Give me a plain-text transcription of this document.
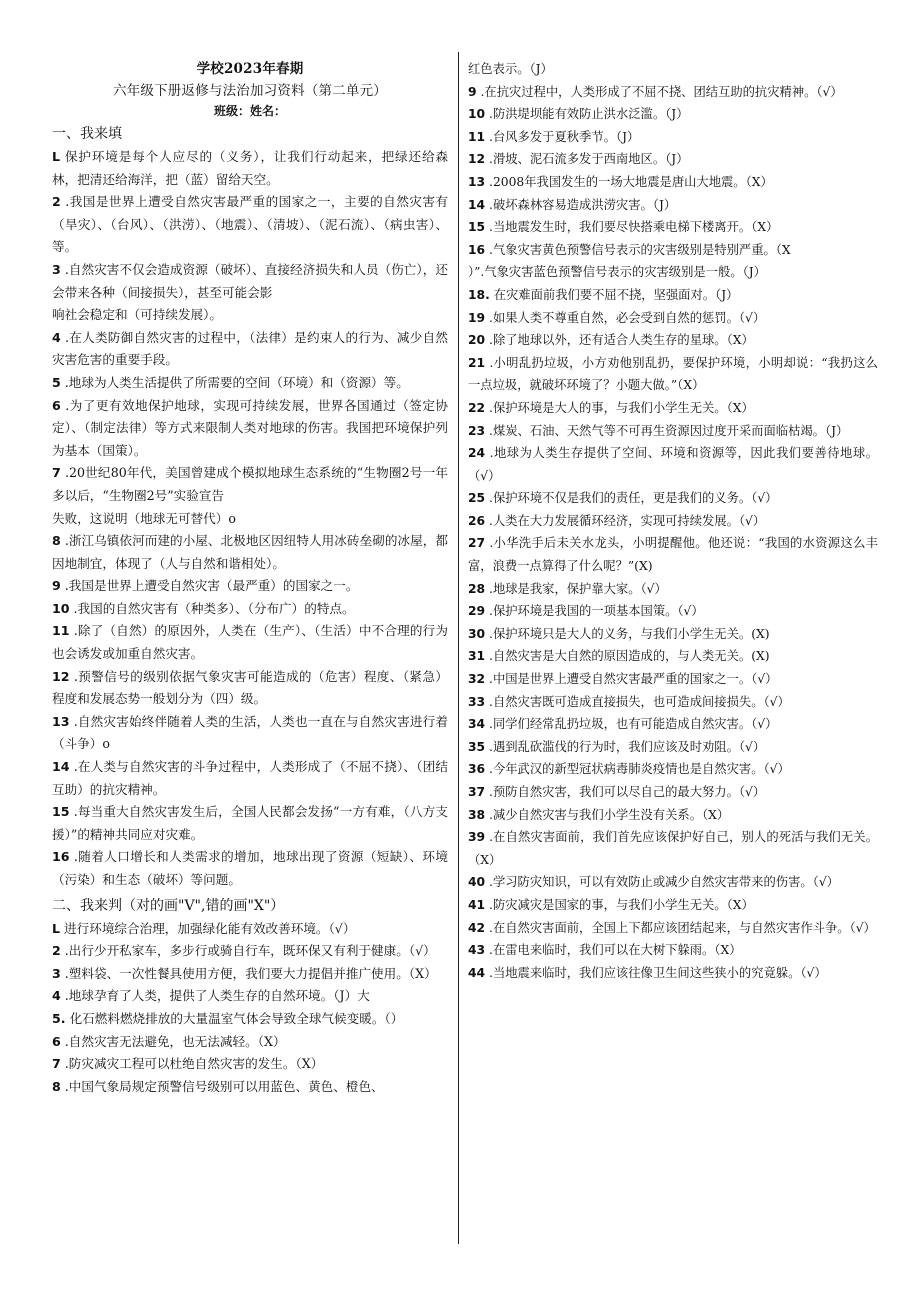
学校2023年春期
六年级下册返修与法治加习资料（第二单元）
班级：姓名：
一、我来填

L 保护环境是每个人应尽的（义务），让我们行动起来，把绿还给森林，把清还给海洋，把（蓝）留给天空。

2 .我国是世界上遭受自然灾害最严重的国家之一，主要的自然灾害有（旱灾）、（台风）、（洪涝）、（地震）、（清坡）、（泥石流）、（病虫害）、等。

3 .自然灾害不仅会造成资源（破坏）、直接经济损失和人员（伤亡），还会带来各种（间接损失），甚至可能会影

响社会稳定和（可持续发展）。

4 .在人类防御自然灾害的过程中，（法律）是约束人的行为、减少自然灾害危害的重要手段。

5 .地球为人类生活提供了所需要的空间（环境）和（资源）等。

6 .为了更有效地保护地球，实现可持续发展，世界各国通过（签定协定）、（制定法律）等方式来限制人类对地球的伤害。我国把环境保护列为基本（国策）。

7 .20世纪80年代，美国曾建成个模拟地球生态系统的“生物圈2号一年多以后，“生物圈2号”实验宣告

失败，这说明（地球无可替代）o

8 .浙江乌镇依河而建的小屋、北极地区因纽特人用冰砖垒砌的冰屋，都因地制宜，体现了（人与自然和谐相处）。

9 .我国是世界上遭受自然灾害（最严重）的国家之一。

10 .我国的自然灾害有（种类多）、（分布广）的特点。

11 .除了（自然）的原因外，人类在（生产）、（生活）中不合理的行为也会诱发或加重自然灾害。

12 .预警信号的级别依据气象灾害可能造成的（危害）程度、（紧急）程度和发展态势一般划分为（四）级。

13 .自然灾害始终伴随着人类的生活，人类也一直在与自然灾害进行着（斗争）o

14 .在人类与自然灾害的斗争过程中，人类形成了（不屈不挠）、（团结互助）的抗灾精神。

15 .每当重大自然灾害发生后，全国人民都会发扬“一方有难，（八方支援）”的精神共同应对灾难。

16 .随着人口增长和人类需求的增加，地球出现了资源（短缺）、环境（污染）和生态（破坏）等问题。

二、我来判（对的画"V",错的画"X"）

L 进行环境综合治理，加强绿化能有效改善环境。（√）

2 .出行少开私家车，多步行或骑自行车，既环保又有利于健康。（√）

3 .塑料袋、一次性餐具使用方便，我们要大力提倡并推广使用。（X）

4 .地球孕育了人类，提供了人类生存的自然环境。（J）大

5. 化石燃料燃烧排放的大量温室气体会导致全球气候变暖。（）

6 .自然灾害无法避免，也无法减轻。（X）

7 .防灾减灾工程可以杜绝自然灾害的发生。（X）

8 .中国气象局规定预警信号级别可以用蓝色、黄色、橙色、

红色表示。（J）

9 .在抗灾过程中，人类形成了不屈不挠、团结互助的抗灾精神。（√）

10 .防洪堤坝能有效防止洪水泛滥。（J）

11 .台风多发于夏秋季节。（J）

12 .滑坡、泥石流多发于西南地区。（J）

13 .2008年我国发生的一场大地震是唐山大地震。（X）

14 .破坏森林容易造成洪涝灾害。（J）

15 .当地震发生时，我们要尽快搭乘电梯下楼离开。（X）

16 .气象灾害黄色预警信号表示的灾害级别是特别严重。（X

）”.气象灾害蓝色预警信号表示的灾害级别是一般。（J）

18. 在灾难面前我们要不屈不挠，坚强面对。（J）

19 .如果人类不尊重自然，必会受到自然的惩罚。（√）

20 .除了地球以外，还有适合人类生存的星球。（X）

21 .小明乱扔垃圾，小方劝他别乱扔，要保护环境，小明却说：“我扔这么一点垃圾，就破坏环境了？小题大做。”（X）

22 .保护环境是大人的事，与我们小学生无关。（X）

23 .煤炭、石油、天然气等不可再生资源因过度开采而面临枯竭。（J）

24 .地球为人类生存提供了空间、环境和资源等，因此我们要善待地球。（√）

25 .保护环境不仅是我们的责任，更是我们的义务。（√）

26 .人类在大力发展循环经济，实现可持续发展。（√）

27 .小华洗手后未关水龙头，小明提醒他。他还说：“我国的水资源这么丰富，浪费一点算得了什么呢？”(X)

28 .地球是我家，保护靠大家。（√）

29 .保护环境是我国的一项基本国策。（√）

30 .保护环境只是大人的义务，与我们小学生无关。(X)

31 .自然灾害是大自然的原因造成的，与人类无关。(X)

32 .中国是世界上遭受自然灾害最严重的国家之一。（√）

33 .自然灾害既可造成直接损失，也可造成间接损失。（√）

34 .同学们经常乱扔垃圾，也有可能造成自然灾害。（√）

35 .遇到乱砍滥伐的行为时，我们应该及时劝阻。（√）

36 .今年武汉的新型冠状病毒肺炎疫情也是自然灾害。（√）

37 .预防自然灾害，我们可以尽自己的最大努力。（√）

38 .减少自然灾害与我们小学生没有关系。（X）

39 .在自然灾害面前，我们首先应该保护好自己，别人的死活与我们无关。（X）

40 .学习防灾知识，可以有效防止或减少自然灾害带来的伤害。（√）

41 .防灾减灾是国家的事，与我们小学生无关。（X）

42 .在自然灾害面前，全国上下都应该团结起来，与自然灾害作斗争。（√）

43 .在雷电来临时，我们可以在大树下躲雨。（X）

44 .当地震来临时，我们应该往像卫生间这些狭小的究竟躲。（√）
